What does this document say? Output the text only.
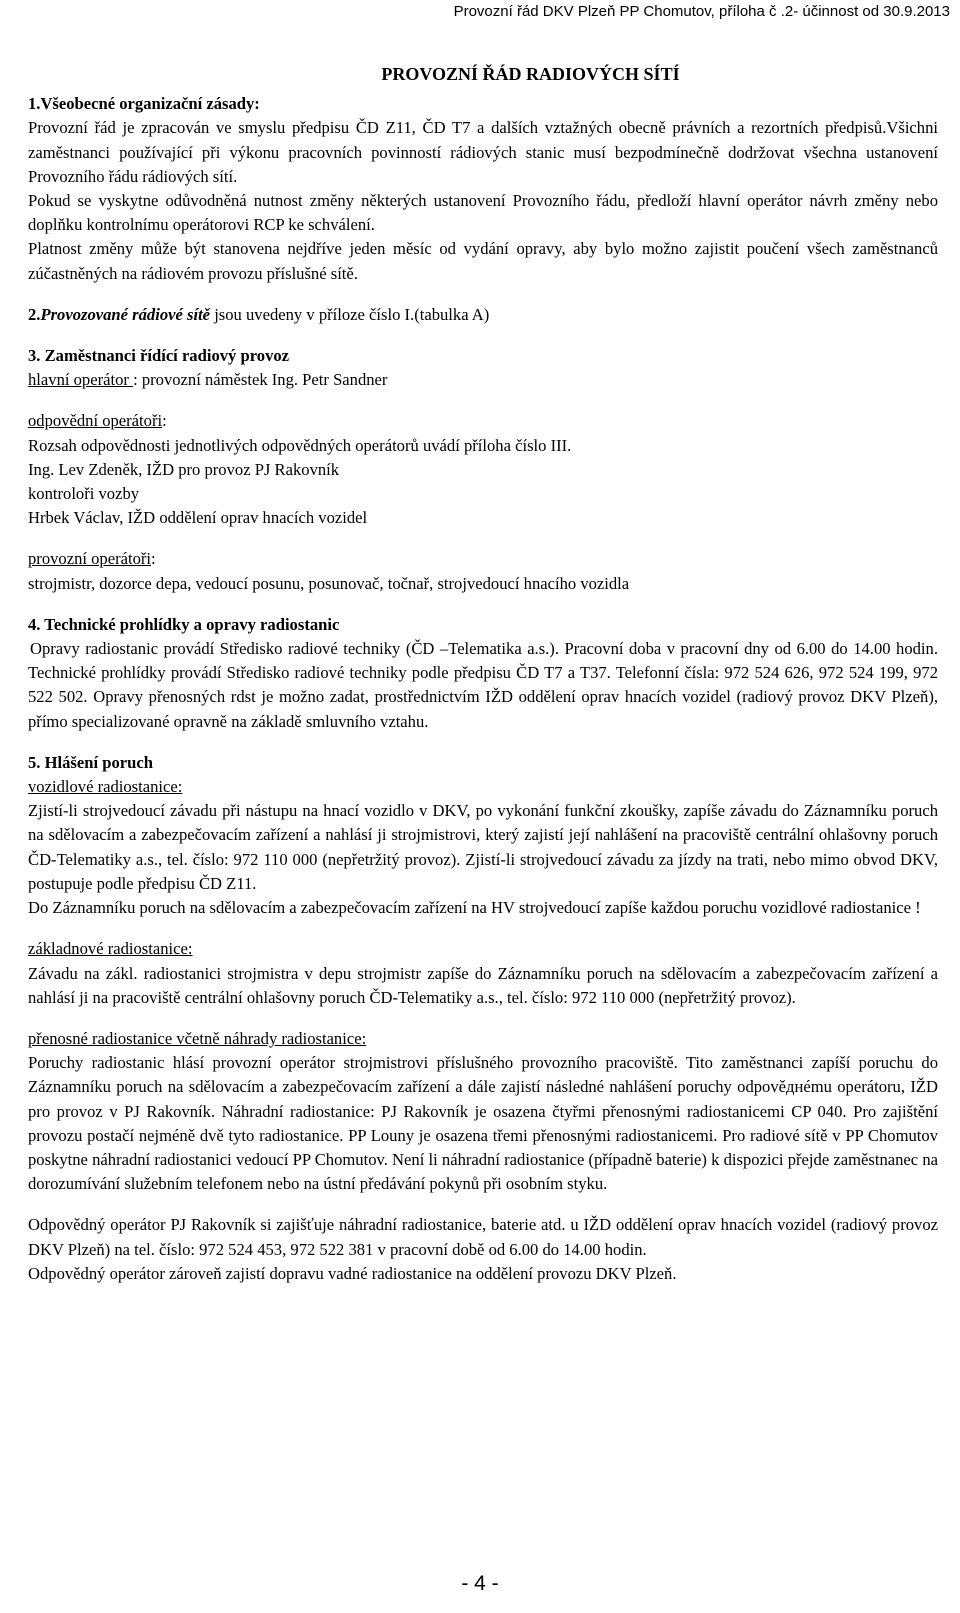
Provozní řád DKV Plzeň PP Chomutov, příloha č .2- účinnost od 30.9.2013
PROVOZNÍ ŘÁD RADIOVÝCH SÍTÍ

1.Všeobecné organizační zásady:

Provozní řád je zpracován ve smyslu předpisu ČD Z11, ČD T7 a dalších vztažných obecně právních a rezortních předpisů.Všichni zaměstnanci používající při výkonu pracovních povinností rádiových stanic musí bezpodmínečně dodržovat všechna ustanovení Provozního řádu rádiových sítí.

Pokud se vyskytne odůvodněná nutnost změny některých ustanovení Provozního řádu, předloží hlavní operátor návrh změny nebo doplňku kontrolnímu operátorovi RCP ke schválení.

Platnost změny může být stanovena nejdříve jeden měsíc od vydání opravy, aby bylo možno zajistit poučení všech zaměstnanců zúčastněných na rádiovém provozu příslušné sítě.

2.Provozované rádiové sítě jsou uvedeny v příloze číslo I.(tabulka A)

3. Zaměstnanci řídící radiový provoz

hlavní operátor : provozní náměstek Ing. Petr Sandner

odpovědní operátoři:

Rozsah odpovědnosti jednotlivých odpovědných operátorů uvádí příloha číslo III.

Ing. Lev Zdeněk, IŽD pro provoz PJ Rakovník

kontroloři vozby

Hrbek Václav, IŽD oddělení oprav hnacích vozidel

provozní operátoři:

strojmistr, dozorce depa, vedoucí posunu, posunovač, točnař, strojvedoucí hnacího vozidla

4. Technické prohlídky a opravy radiostanic

Opravy radiostanic provádí Středisko radiové techniky (ČD –Telematika a.s.). Pracovní doba v pracovní dny od 6.00 do 14.00 hodin. Technické prohlídky provádí Středisko radiové techniky podle předpisu ČD T7 a T37. Telefonní čísla: 972 524 626, 972 524 199, 972 522 502. Opravy přenosných rdst je možno zadat, prostřednictvím IŽD oddělení oprav hnacích vozidel (radiový provoz DKV Plzeň), přímo specializované opravně na základě smluvního vztahu.

5. Hlášení poruch

vozidlové radiostanice:

Zjistí-li strojvedoucí závadu při nástupu na hnací vozidlo v DKV, po vykonání funkční zkoušky, zapíše závadu do Záznamníku poruch na sdělovacím a zabezpečovacím zařízení a nahlásí ji strojmistrovi, který zajistí její nahlášení na pracoviště centrální ohlašovny poruch ČD-Telematiky a.s., tel. číslo: 972 110 000 (nepřetržitý provoz). Zjistí-li strojvedoucí závadu za jízdy na trati, nebo mimo obvod DKV, postupuje podle předpisu ČD Z11.

Do Záznamníku poruch na sdělovacím a zabezpečovacím zařízení na HV strojvedoucí zapíše každou poruchu vozidlové radiostanice !

základnové radiostanice:

Závadu na zákl. radiostanici strojmistra v depu strojmistr zapíše do Záznamníku poruch na sdělovacím a zabezpečovacím zařízení a nahlásí ji na pracoviště centrální ohlašovny poruch ČD-Telematiky a.s., tel. číslo: 972 110 000 (nepřetržitý provoz).

přenosné radiostanice včetně náhrady radiostanice:

Poruchy radiostanic hlásí provozní operátor strojmistrovi příslušného provozního pracoviště. Tito zaměstnanci zapíší poruchu do Záznamníku poruch na sdělovacím a zabezpečovacím zařízení a dále zajistí následné nahlášení poruchy odpověднému operátoru, IŽD pro provoz v PJ Rakovník. Náhradní radiostanice: PJ Rakovník je osazena čtyřmi přenosnými radiostanicemi CP 040. Pro zajištění provozu postačí nejméně dvě tyto radiostanice. PP Louny je osazena třemi přenosnými radiostanicemi. Pro radiové sítě v PP Chomutov poskytne náhradní radiostanici vedoucí PP Chomutov. Není li náhradní radiostanice (případně baterie) k dispozici přejde zaměstnanec na dorozumívání služebním telefonem nebo na ústní předávání pokynů při osobním styku.

Odpovědný operátor PJ Rakovník si zajišťuje náhradní radiostanice, baterie atd. u IŽD oddělení oprav hnacích vozidel (radiový provoz DKV Plzeň) na tel. číslo: 972 524 453, 972 522 381 v pracovní době od 6.00 do 14.00 hodin.

Odpovědný operátor zároveň zajistí dopravu vadné radiostanice na oddělení provozu DKV Plzeň.

- 4 -
